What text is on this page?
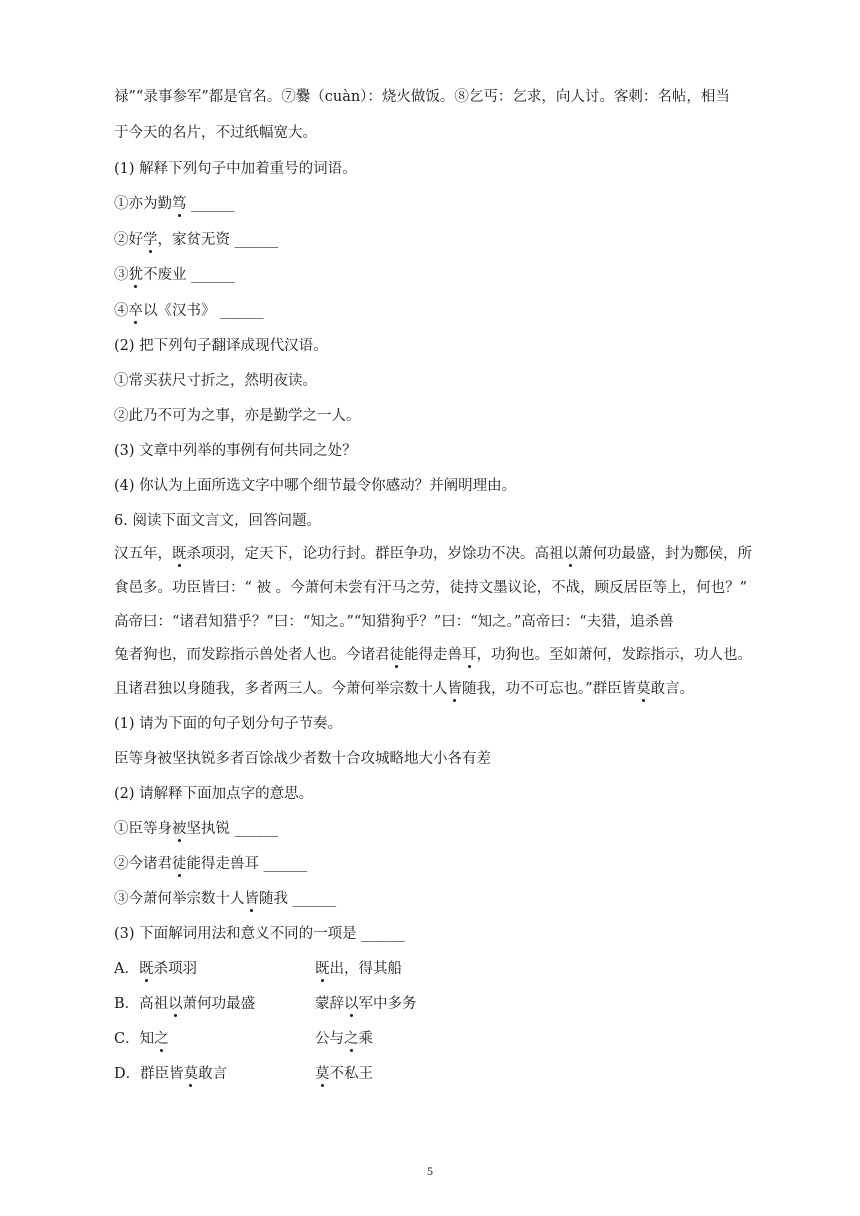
禄”“录事参军”都是官名。⑦爨（cuàn）：烧火做饭。⑧乞丐：乞求，向人讨。客刺：名帖，相当
于今天的名片，不过纸幅宽大。
(1) 解释下列句子中加着重号的词语。
①亦为勤笃 ______
②好学，家贫无资 ______
③犹不废业 ______
④卒以《汉书》 ______
(2) 把下列句子翻译成现代汉语。
①常买获尺寸折之，然明夜读。
②此乃不可为之事，亦是勤学之一人。
(3) 文章中列举的事例有何共同之处？
(4) 你认为上面所选文字中哪个细节最令你感动？并阐明理由。
6. 阅读下面文言文，回答问题。
汉五年，既杀项羽，定天下，论功行封。群臣争功，岁馀功不决。高祖以萧何功最盛，封为酂侯，所
食邑多。功臣皆曰：“ 被 。今萧何未尝有汗马之劳，徒持文墨议论，不战，顾反居臣等上，何也？”
高帝曰：“诸君知猎乎？”曰：“知之。”“知猎狗乎？”曰：“知之。”高帝曰：“夫猎，追杀兽
兔者狗也，而发踪指示兽处者人也。今诸君徒能得走兽耳，功狗也。至如萧何，发踪指示，功人也。
且诸君独以身随我，多者两三人。今萧何举宗数十人皆随我，功不可忘也。”群臣皆莫敢言。
(1) 请为下面的句子划分句子节奏。
臣等身被坚执锐多者百馀战少者数十合攻城略地大小各有差
(2) 请解释下面加点字的意思。
①臣等身被坚执锐 ______
②今诸君徒能得走兽耳 ______
③今萧何举宗数十人皆随我 ______
(3) 下面解词用法和意义不同的一项是 ______
A．既杀项羽	既出，得其船
B．高祖以萧何功最盛	蒙辞以军中多务
C．知之	公与之乘
D．群臣皆莫敢言	莫不私王
5
